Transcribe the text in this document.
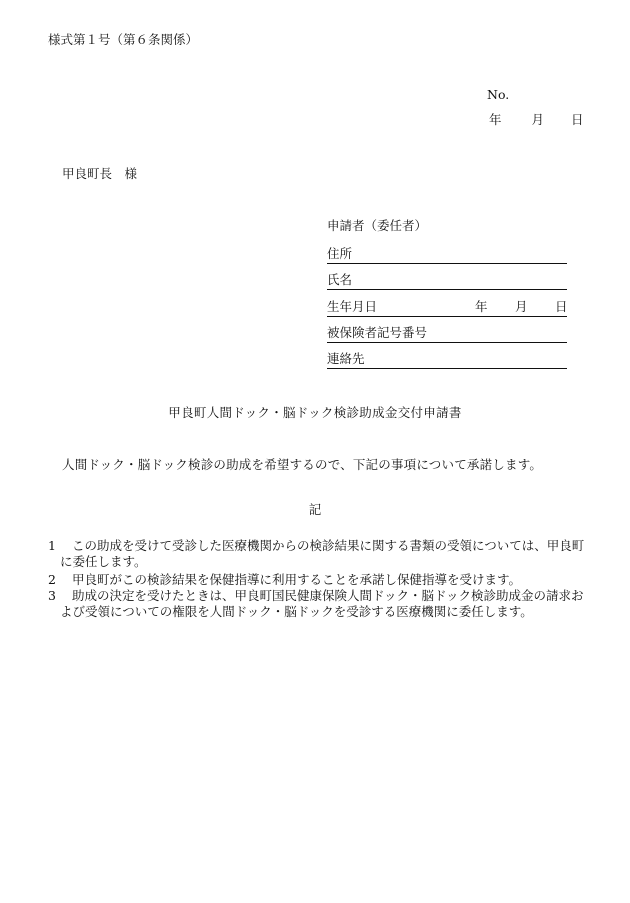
様式第１号（第６条関係）
No.
年 月 日
甲良町長　様
申請者（委任者）
住所
氏名
生年月日	年 月 日
被保険者記号番号
連絡先
甲良町人間ドック・脳ドック検診助成金交付申請書
人間ドック・脳ドック検診の助成を希望するので、下記の事項について承諾します。
記
1	この助成を受けて受診した医療機関からの検診結果に関する書類の受領については、甲良町に委任します。
2	甲良町がこの検診結果を保健指導に利用することを承諾し保健指導を受けます。
3	助成の決定を受けたときは、甲良町国民健康保険人間ドック・脳ドック検診助成金の請求および受領についての権限を人間ドック・脳ドックを受診する医療機関に委任します。
